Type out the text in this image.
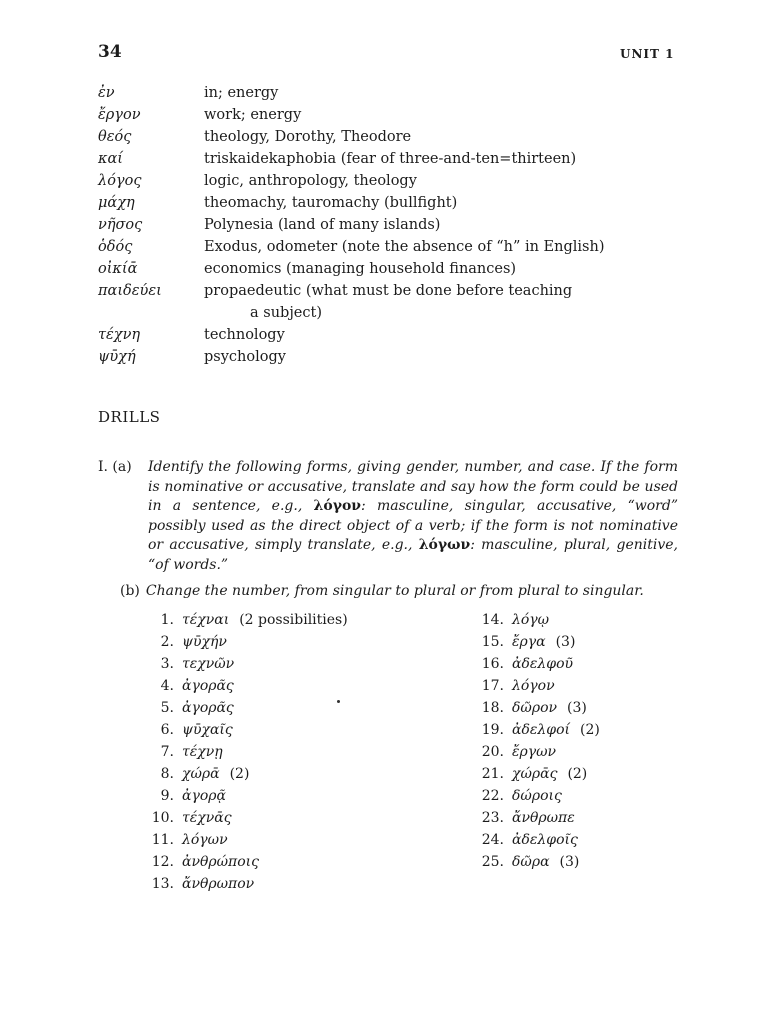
34	UNIT 1
ἐν	in; energy
ἔργον	work; energy
θεός	theology, Dorothy, Theodore
καί	triskaidekaphobia (fear of three-and-ten=thirteen)
λόγος	logic, anthropology, theology
μάχη	theomachy, tauromachy (bullfight)
νῆσος	Polynesia (land of many islands)
ὁδός	Exodus, odometer (note the absence of “h” in English)
οἰκίᾱ	economics (managing household finances)
παιδεύει	propaedeutic (what must be done before teaching
a subject)
τέχνη	technology
ψῡχή	psychology
DRILLS
I. (a) Identify the following forms, giving gender, number, and case. If the form is nominative or accusative, translate and say how the form could be used in a sentence, e.g., λόγον: masculine, singular, accusative, “word” possibly used as the direct object of a verb; if the form is not nominative or accusative, simply translate, e.g., λόγων: masculine, plural, genitive, “of words.”
(b) Change the number, from singular to plural or from plural to singular.
1. τέχναι (2 possibilities)
2. ψῡχήν
3. τεχνῶν
4. ἀγορᾶς
5. ἀγορᾶς
6. ψῡχαῖς
7. τέχνῃ
8. χώρᾱ (2)
9. ἀγορᾷ
10. τέχνᾱς
11. λόγων
12. ἀνθρώποις
13. ἄνθρωπον
14. λόγῳ
15. ἔργα (3)
16. ἀδελφοῦ
17. λόγον
18. δῶρον (3)
19. ἀδελφοί (2)
20. ἔργων
21. χώρᾱς (2)
22. δώροις
23. ἄνθρωπε
24. ἀδελφοῖς
25. δῶρα (3)
